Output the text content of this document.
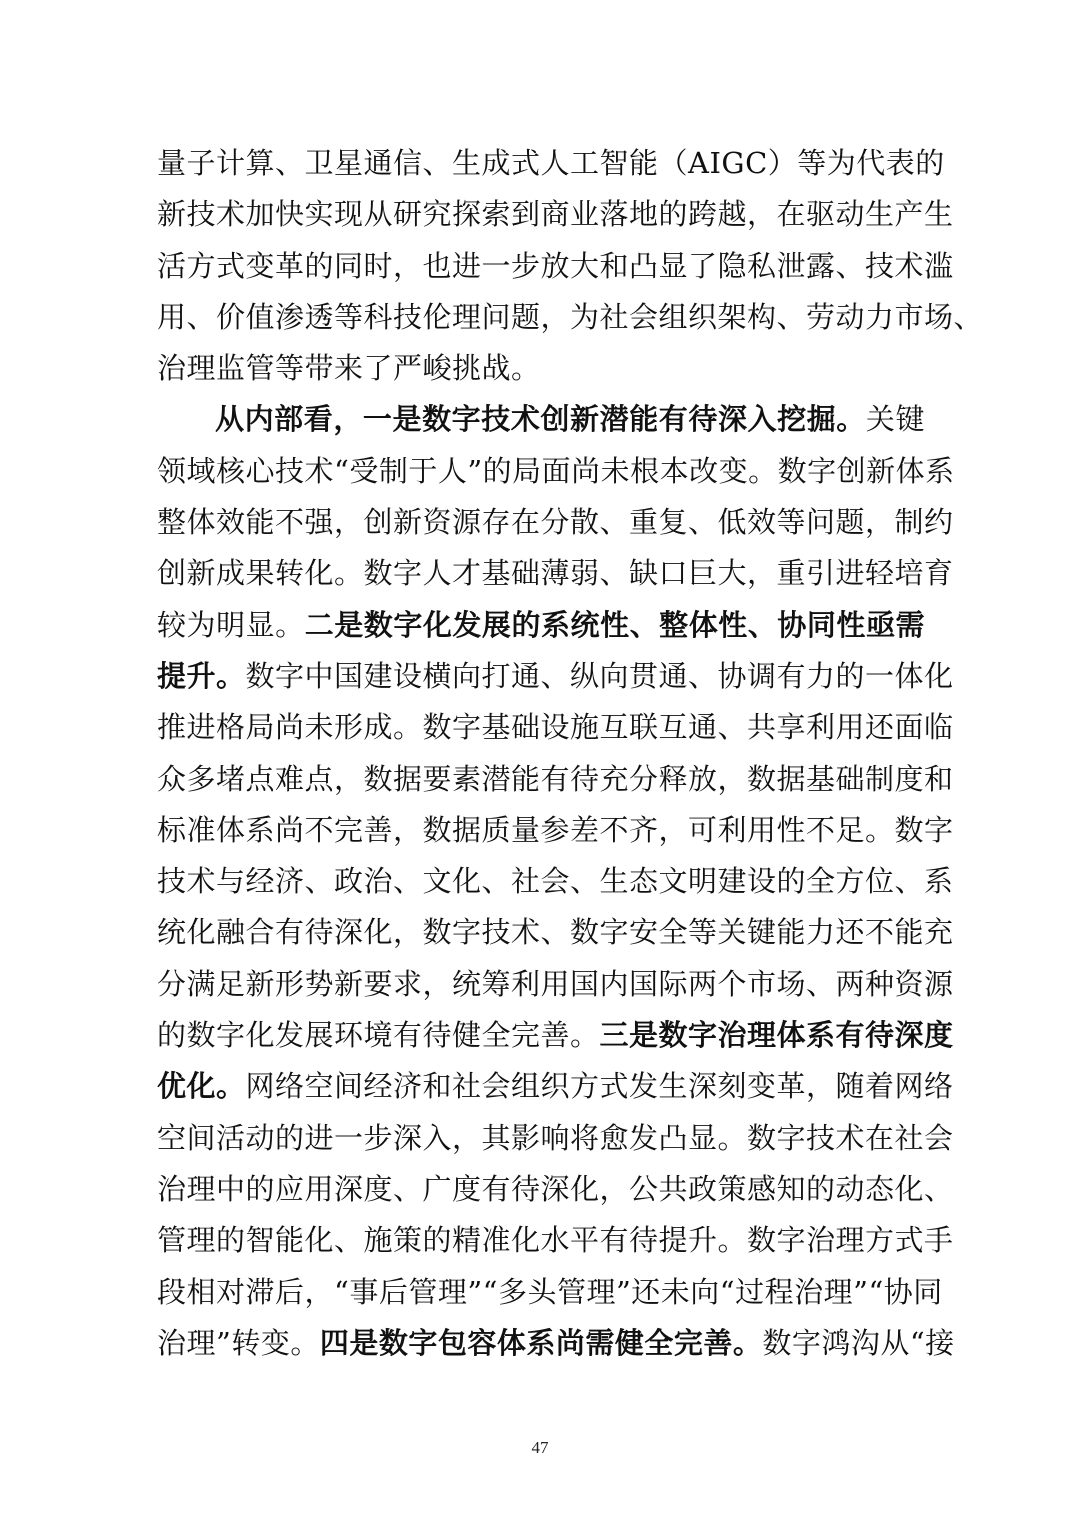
量子计算、卫星通信、生成式人工智能（AIGC）等为代表的
新技术加快实现从研究探索到商业落地的跨越，在驱动生产生
活方式变革的同时，也进一步放大和凸显了隐私泄露、技术滥
用、价值渗透等科技伦理问题，为社会组织架构、劳动力市场、
治理监管等带来了严峻挑战。
从内部看，一是数字技术创新潜能有待深入挖掘。关键
领域核心技术“受制于人”的局面尚未根本改变。数字创新体系
整体效能不强，创新资源存在分散、重复、低效等问题，制约
创新成果转化。数字人才基础薄弱、缺口巨大，重引进轻培育
较为明显。二是数字化发展的系统性、整体性、协同性亟需
提升。数字中国建设横向打通、纵向贯通、协调有力的一体化
推进格局尚未形成。数字基础设施互联互通、共享利用还面临
众多堵点难点，数据要素潜能有待充分释放，数据基础制度和
标准体系尚不完善，数据质量参差不齐，可利用性不足。数字
技术与经济、政治、文化、社会、生态文明建设的全方位、系
统化融合有待深化，数字技术、数字安全等关键能力还不能充
分满足新形势新要求，统筹利用国内国际两个市场、两种资源
的数字化发展环境有待健全完善。三是数字治理体系有待深度
优化。网络空间经济和社会组织方式发生深刻变革，随着网络
空间活动的进一步深入，其影响将愈发凸显。数字技术在社会
治理中的应用深度、广度有待深化，公共政策感知的动态化、
管理的智能化、施策的精准化水平有待提升。数字治理方式手
段相对滞后，“事后管理”“多头管理”还未向“过程治理”“协同
治理”转变。四是数字包容体系尚需健全完善。数字鸿沟从“接
47
